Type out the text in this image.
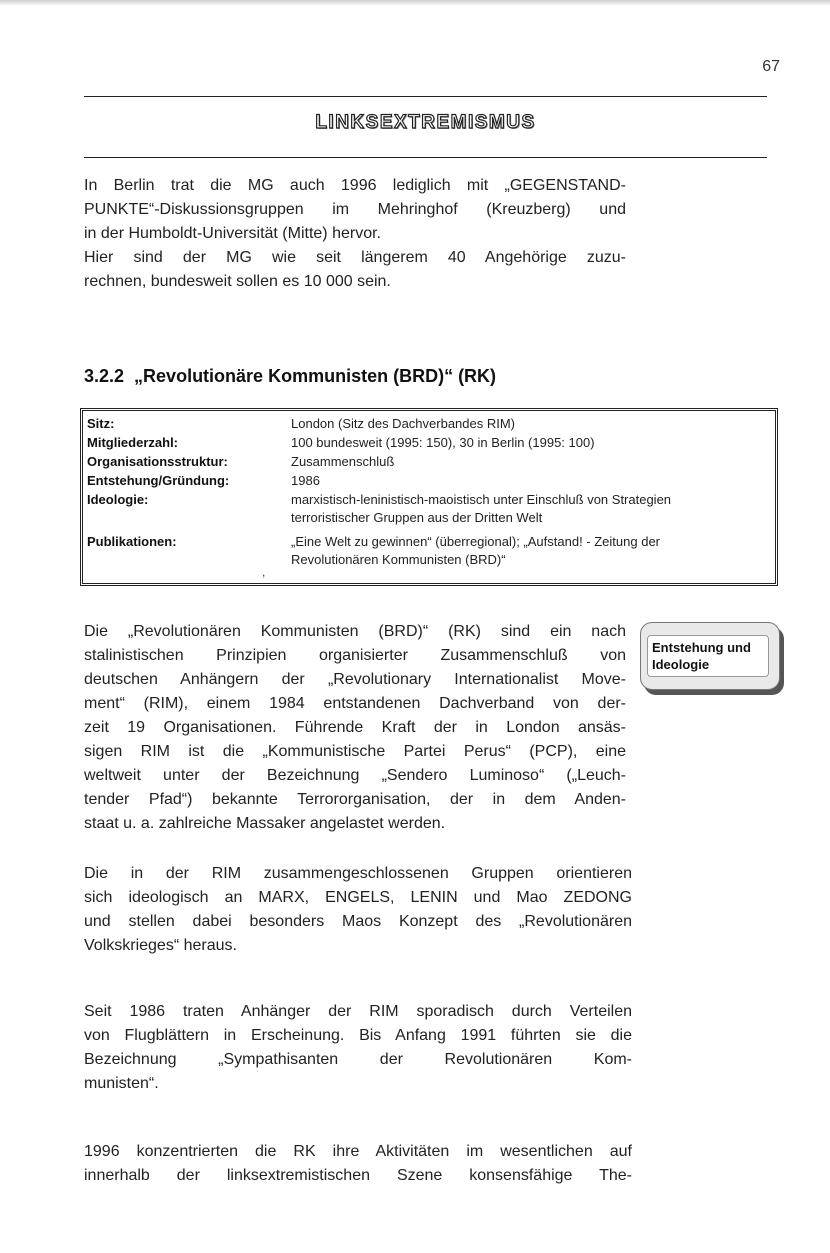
67
LINKSEXTREMISMUS
In Berlin trat die MG auch 1996 lediglich mit „GEGENSTAND-
PUNKTE“-Diskussionsgruppen im Mehringhof (Kreuzberg) und
in der Humboldt-Universität (Mitte) hervor.
Hier sind der MG wie seit längerem 40 Angehörige zuzu-
rechnen, bundesweit sollen es 10 000 sein.
3.2.2 „Revolutionäre Kommunisten (BRD)“ (RK)
Sitz:	London (Sitz des Dachverbandes RIM)
Mitgliederzahl:	100 bundesweit (1995: 150), 30 in Berlin (1995: 100)
Organisationsstruktur:	Zusammenschluß
Entstehung/Gründung:	1986
Ideologie:	marxistisch-leninistisch-maoistisch unter Einschluß von Strategien
terroristischer Gruppen aus der Dritten Welt
Publikationen:	„Eine Welt zu gewinnen“ (überregional); „Aufstand! - Zeitung der
Revolutionären Kommunisten (BRD)“
,
Entstehung und
Ideologie
Die „Revolutionären Kommunisten (BRD)“ (RK) sind ein nach
stalinistischen Prinzipien organisierter Zusammenschluß von
deutschen Anhängern der „Revolutionary Internationalist Move-
ment“ (RIM), einem 1984 entstandenen Dachverband von der-
zeit 19 Organisationen. Führende Kraft der in London ansäs-
sigen RIM ist die „Kommunistische Partei Perus“ (PCP), eine
weltweit unter der Bezeichnung „Sendero Luminoso“ („Leuch-
tender Pfad“) bekannte Terrororganisation, der in dem Anden-
staat u. a. zahlreiche Massaker angelastet werden.
Die in der RIM zusammengeschlossenen Gruppen orientieren
sich ideologisch an MARX, ENGELS, LENIN und Mao ZEDONG
und stellen dabei besonders Maos Konzept des „Revolutionären
Volkskrieges“ heraus.
Seit 1986 traten Anhänger der RIM sporadisch durch Verteilen
von Flugblättern in Erscheinung. Bis Anfang 1991 führten sie die
Bezeichnung „Sympathisanten der Revolutionären Kom-
munisten“.
1996 konzentrierten die RK ihre Aktivitäten im wesentlichen auf
innerhalb der linksextremistischen Szene konsensfähige The-
